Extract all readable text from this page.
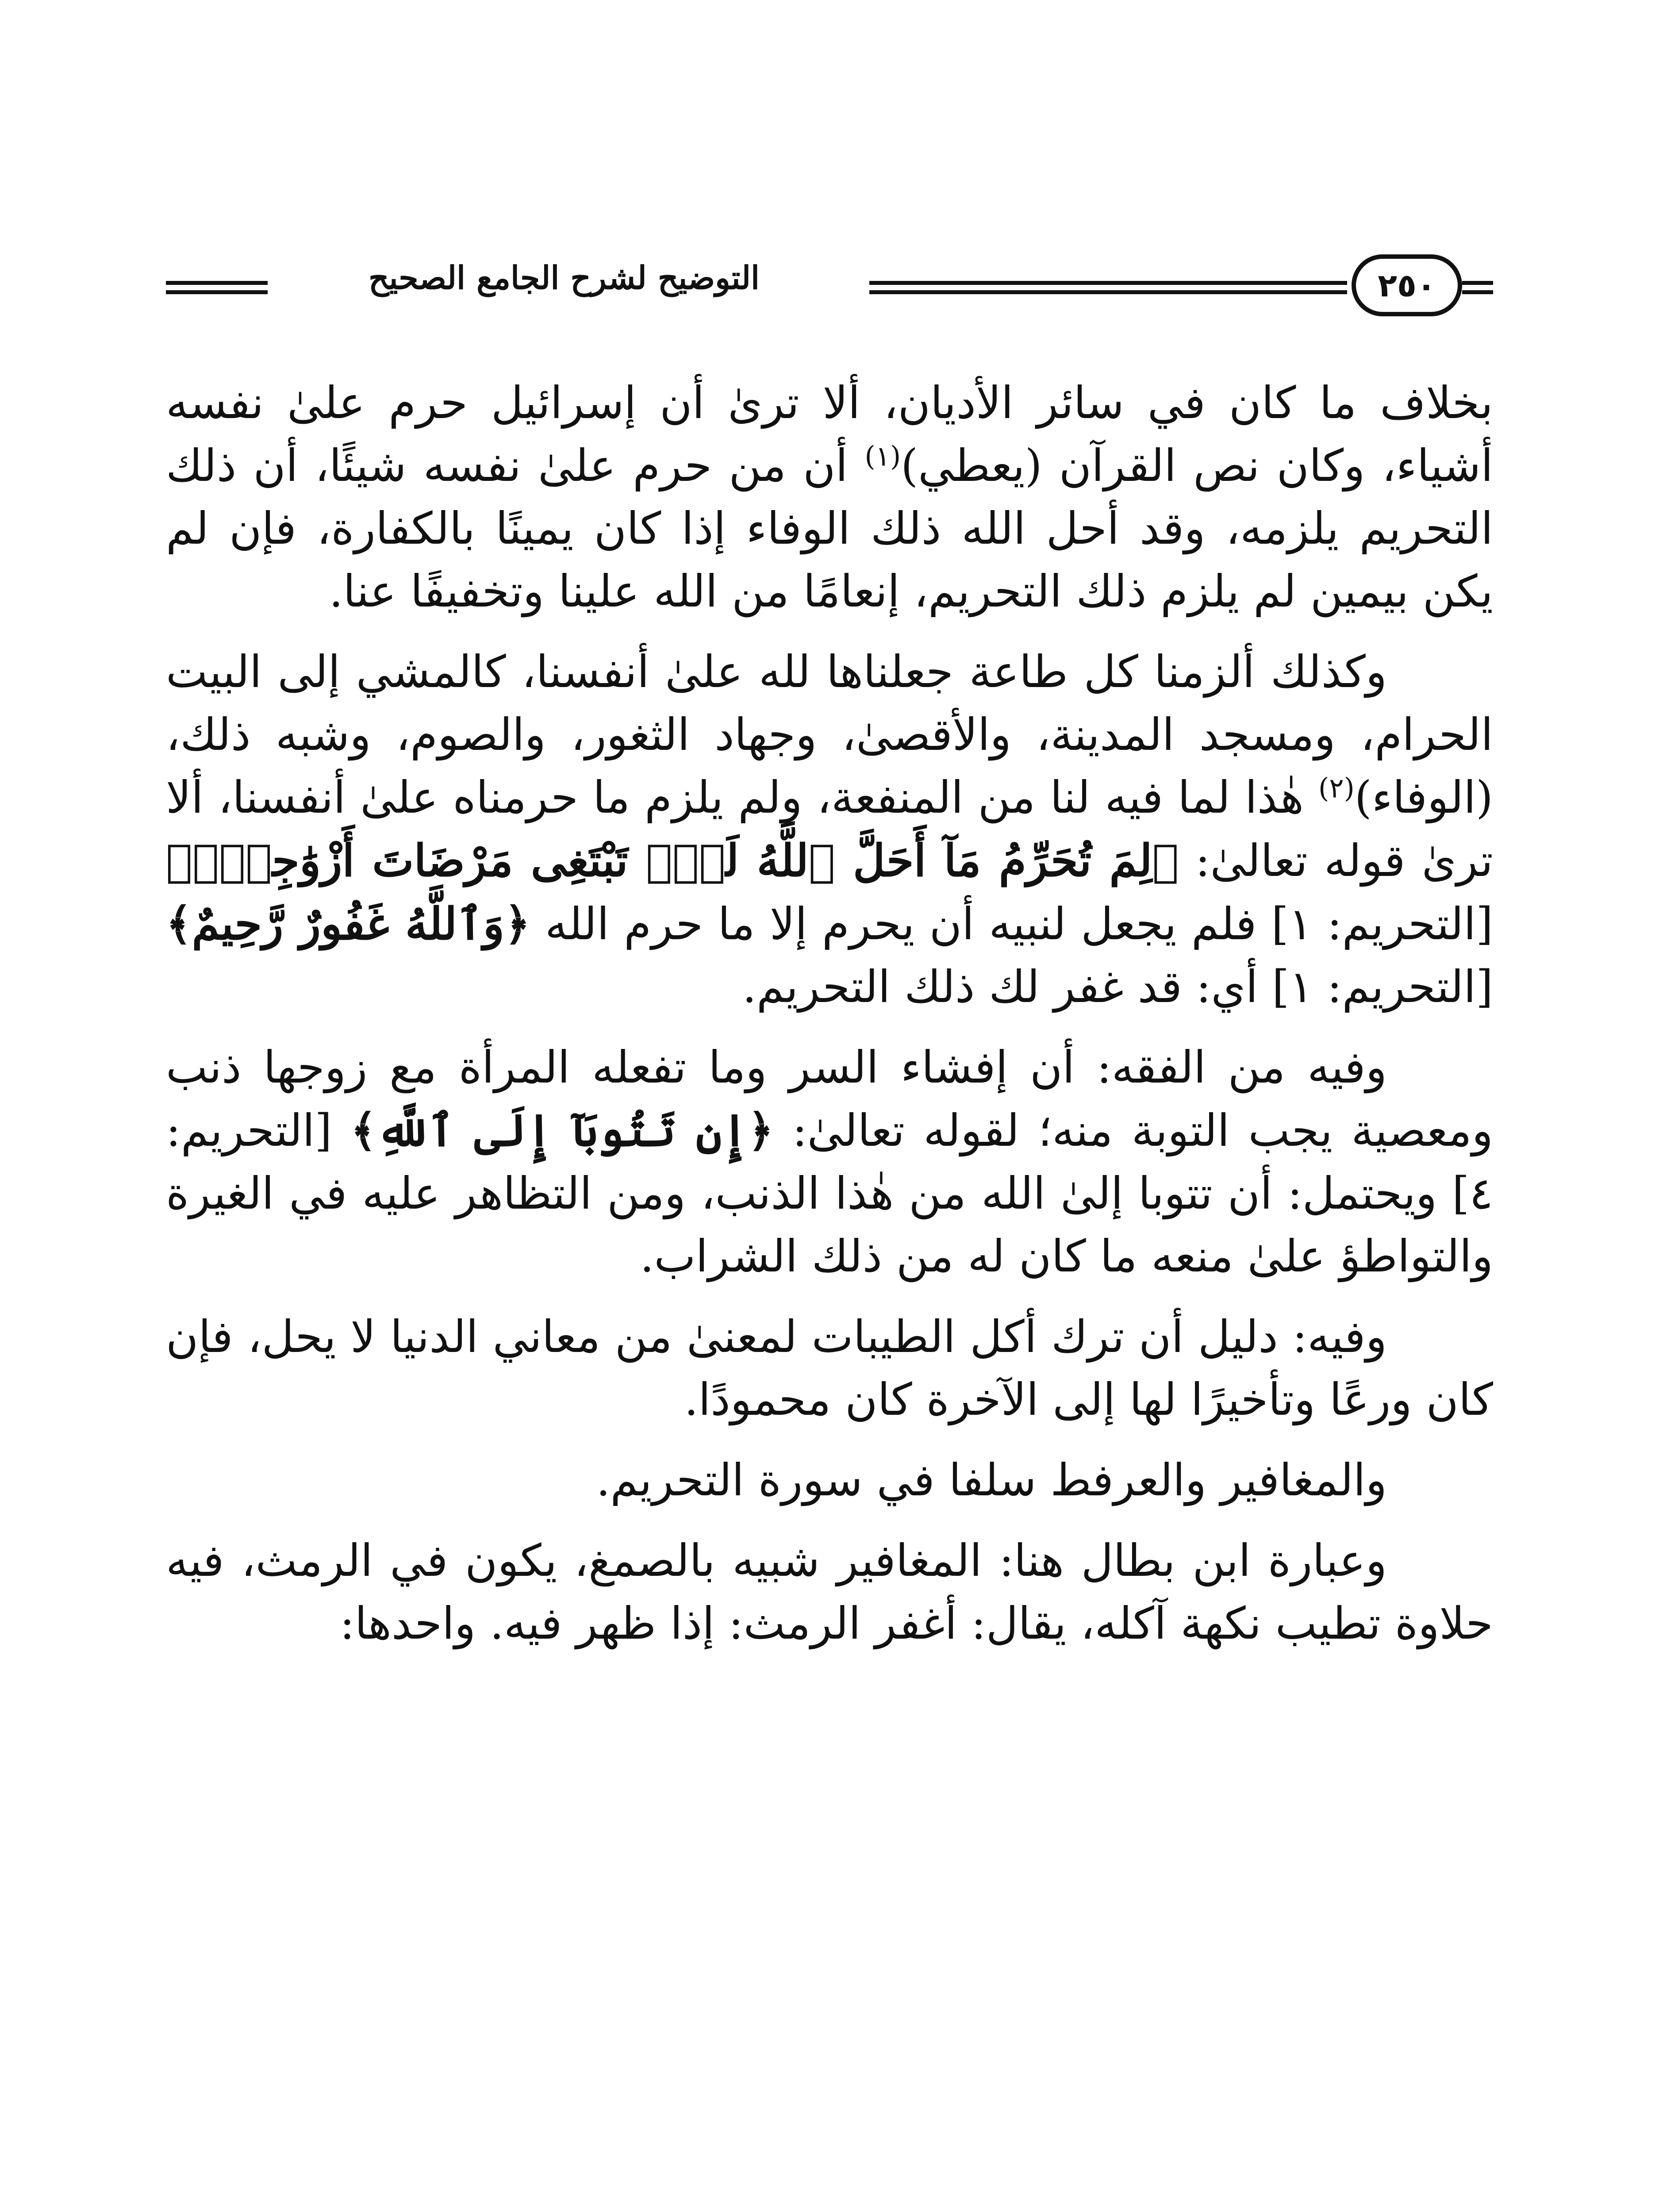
التوضيح لشرح الجامع الصحيح	٢٥٠

بخلاف ما كان في سائر الأديان، ألا ترىٰ أن إسرائيل حرم علىٰ نفسه أشياء، وكان نص القرآن (يعطي)$^{(١)}$ أن من حرم علىٰ نفسه شيئًا، أن ذلك التحريم يلزمه، وقد أحل الله ذلك الوفاء إذا كان يمينًا بالكفارة، فإن لم يكن بيمين لم يلزم ذلك التحريم، إنعامًا من الله علينا وتخفيفًا عنا.

وكذلك ألزمنا كل طاعة جعلناها لله علىٰ أنفسنا، كالمشي إلى البيت الحرام، ومسجد المدينة، والأقصىٰ، وجهاد الثغور، والصوم، وشبه ذلك، (الوفاء)$^{(٢)}$ هٰذا لما فيه لنا من المنفعة، ولم يلزم ما حرمناه علىٰ أنفسنا، ألا ترىٰ قوله تعالىٰ: ﴿لِمَ تُحَرِّمُ مَآ أَحَلَّ ٱللَّهُ لَكَۖ تَبْتَغِى مَرْضَاتَ أَزْوَٰجِكَۚ﴾ [التحريم: ١] فلم يجعل لنبيه أن يحرم إلا ما حرم الله ﴿وَٱللَّهُ غَفُورٌ رَّحِيمٌ﴾ [التحريم: ١] أي: قد غفر لك ذلك التحريم.

وفيه من الفقه: أن إفشاء السر وما تفعله المرأة مع زوجها ذنب ومعصية يجب التوبة منه؛ لقوله تعالىٰ: ﴿إِن تَتُوبَآ إِلَى ٱللَّهِ﴾ [التحريم: ٤] ويحتمل: أن تتوبا إلىٰ الله من هٰذا الذنب، ومن التظاهر عليه في الغيرة والتواطؤ علىٰ منعه ما كان له من ذلك الشراب.

وفيه: دليل أن ترك أكل الطيبات لمعنىٰ من معاني الدنيا لا يحل، فإن كان ورعًا وتأخيرًا لها إلى الآخرة كان محمودًا.

والمغافير والعرفط سلفا في سورة التحريم.

وعبارة ابن بطال هنا: المغافير شبيه بالصمغ، يكون في الرمث، فيه حلاوة تطيب نكهة آكله، يقال: أغفر الرمث: إذا ظهر فيه. واحدها:
